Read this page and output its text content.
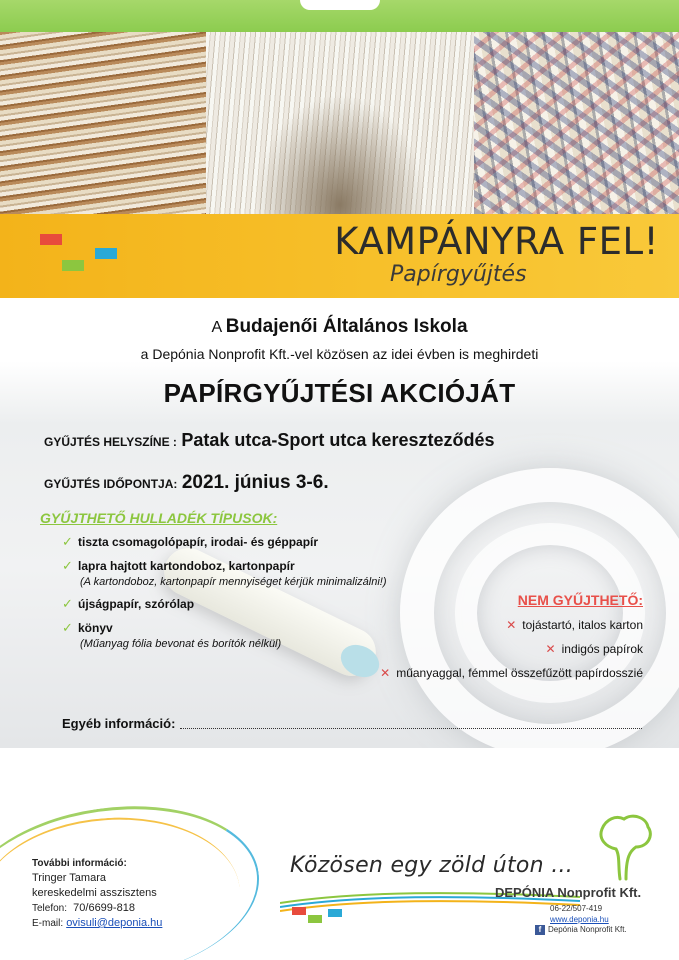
KAMPÁNYRA FEL!
Papírgyűjtés
A Budajenői Általános Iskola
a Depónia Nonprofit Kft.-vel közösen az idei évben is meghirdeti
PAPÍRGYŰJTÉSI AKCIÓJÁT
GYŰJTÉS HELYSZÍNE : Patak utca-Sport utca kereszteződés
GYŰJTÉS IDŐPONTJA: 2021. június 3-6.
GYŰJTHETŐ HULLADÉK TÍPUSOK:
✓ tiszta csomagolópapír, irodai- és géppapír
✓ lapra hajtott kartondoboz, kartonpapír
(A kartondoboz, kartonpapír mennyiséget kérjük minimalizálni!)
✓ újságpapír, szórólap
✓ könyv
(Műanyag fólia bevonat és borítók nélkül)
NEM GYŰJTHETŐ:
✕ tojástartó, italos karton
✕ indigós papírok
✕ műanyaggal, fémmel összefűzött papírdosszié
Egyéb információ:
További információ:
Tringer Tamara
kereskedelmi asszisztens
Telefon: 70/6699-818
E-mail: ovisuli@deponia.hu
Közösen egy zöld úton ...
DEPÓNIA Nonprofit Kft.
06-22/507-419
www.deponia.hu
f Depónia Nonprofit Kft.
